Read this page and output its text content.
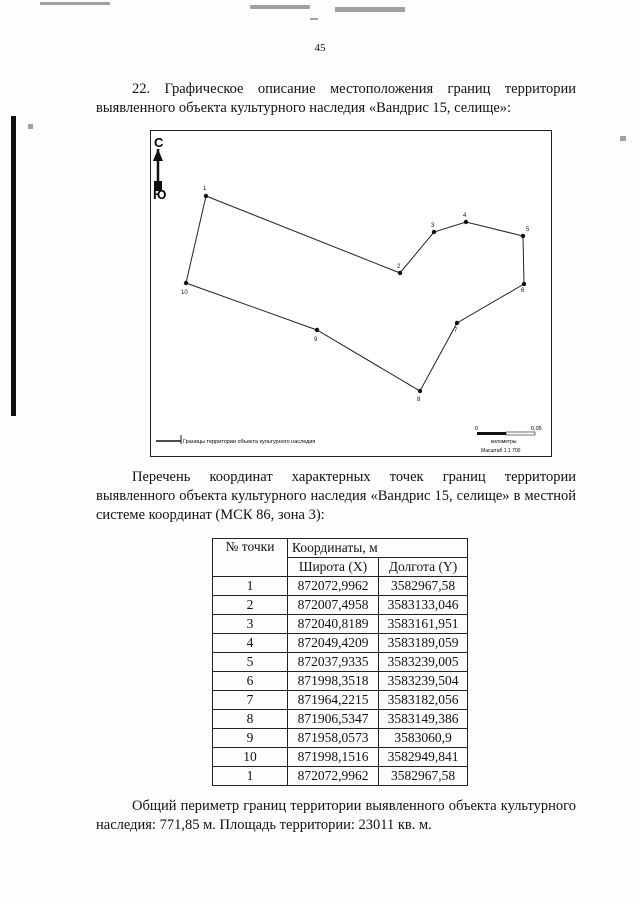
45
22. Графическое описание местоположения границ территории выявленного объекта культурного наследия «Вандрис 15, селище»:
С
Ю	1
2
3
4
5
6
7
8
9
10
Границы территории объекта культурного наследия
0	0,05
километры
Масштаб 1:1 700
Перечень координат характерных точек границ территории выявленного объекта культурного наследия «Вандрис 15, селище» в местной системе координат (МСК 86, зона 3):
№ точки	Координаты, м	
	Широта (X)	Долгота (Y)
1	872072,9962	3582967,58
2	872007,4958	3583133,046
3	872040,8189	3583161,951
4	872049,4209	3583189,059
5	872037,9335	3583239,005
6	871998,3518	3583239,504
7	871964,2215	3583182,056
8	871906,5347	3583149,386
9	871958,0573	3583060,9
10	871998,1516	3582949,841
1	872072,9962	3582967,58
Общий периметр границ территории выявленного объекта культурного наследия: 771,85 м. Площадь территории: 23011 кв. м.
